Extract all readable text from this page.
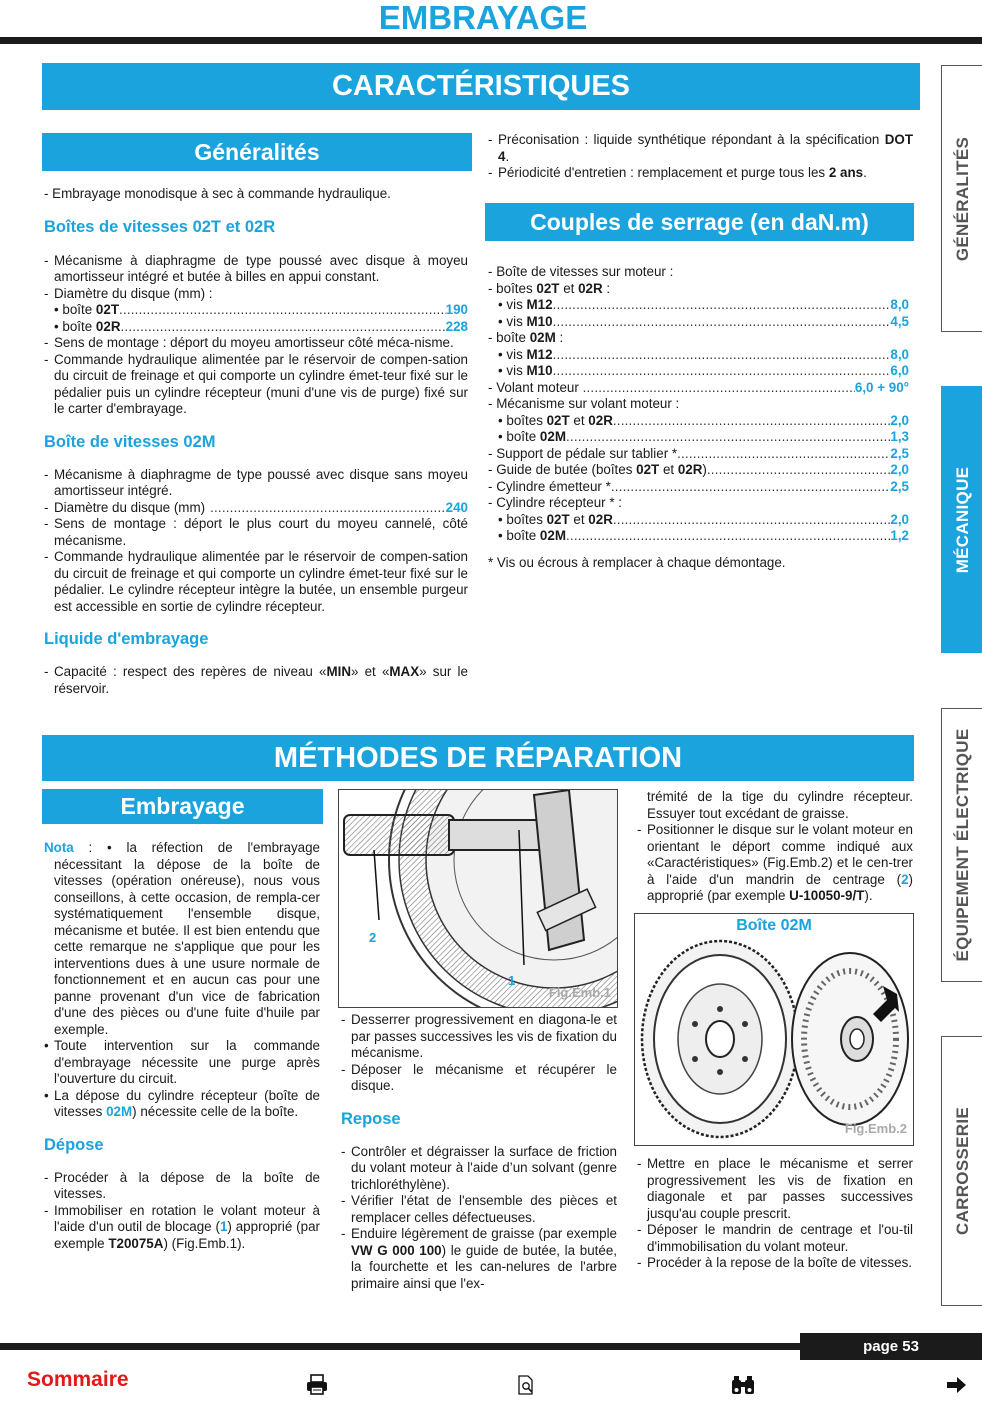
EMBRAYAGE
CARACTÉRISTIQUES
Généralités
- Embrayage monodisque à sec à commande hydraulique.
Boîtes de vitesses 02T et 02R
- Mécanisme à diaphragme de type poussé avec disque à moyeu amortisseur intégré et butée à billes en appui constant.
- Diamètre du disque (mm) :
• boîte 02T .....	190
• boîte 02R .....	228
- Sens de montage : déport du moyeu amortisseur côté méca-nisme.
- Commande hydraulique alimentée par le réservoir de compen-sation du circuit de freinage et qui comporte un cylindre émet-teur fixé sur le pédalier puis un cylindre récepteur (muni d'une vis de purge) fixé sur le carter d'embrayage.
Boîte de vitesses 02M
- Mécanisme à diaphragme de type poussé avec disque sans moyeu amortisseur intégré.
- Diamètre du disque (mm) .....	240
- Sens de montage : déport le plus court du moyeu cannelé, côté mécanisme.
- Commande hydraulique alimentée par le réservoir de compen-sation du circuit de freinage et qui comporte un cylindre émet-teur fixé sur le pédalier. Le cylindre récepteur intègre la butée, un ensemble purgeur est accessible en sortie de cylindre récepteur.
Liquide d'embrayage
- Capacité : respect des repères de niveau «MIN» et «MAX» sur le réservoir.
- Préconisation : liquide synthétique répondant à la spécification DOT 4.
- Périodicité d'entretien : remplacement et purge tous les 2 ans.
Couples de serrage (en daN.m)
- Boîte de vitesses sur moteur :
- boîtes 02T et 02R :
• vis M12 .....	8,0
• vis M10 .....	4,5
- boîte 02M :
• vis M12 .....	8,0
• vis M10 .....	6,0
- Volant moteur .....	6,0 + 90°
- Mécanisme sur volant moteur :
• boîtes 02T et 02R .....	2,0
• boîte 02M .....	1,3
- Support de pédale sur tablier * .....	2,5
- Guide de butée (boîtes 02T et 02R) .....	2,0
- Cylindre émetteur * .....	2,5
- Cylindre récepteur * :
• boîtes 02T et 02R .....	2,0
• boîte 02M .....	1,2
* Vis ou écrous à remplacer à chaque démontage.
MÉTHODES DE RÉPARATION
Embrayage
Nota : • la réfection de l'embrayage nécessitant la dépose de la boîte de vitesses (opération onéreuse), nous vous conseillons, à cette occasion, de rempla-cer systématiquement l'ensemble disque, mécanisme et butée. Il est bien entendu que cette remarque ne s'applique que pour les interventions dues à une usure normale de fonctionnement et en aucun cas pour une panne provenant d'un vice de fabrication d'une des pièces ou d'une fuite d'huile par exemple.
• Toute intervention sur la commande d'embrayage nécessite une purge après l'ouverture du circuit.
• La dépose du cylindre récepteur (boîte de vitesses 02M) nécessite celle de la boîte.
Dépose
- Procéder à la dépose de la boîte de vitesses.
- Immobiliser en rotation le volant moteur à l'aide d'un outil de blocage (1) approprié (par exemple T20075A) (Fig.Emb.1).
2
1
Fig.Emb.1
- Desserrer progressivement en diagona-le et par passes successives les vis de fixation du mécanisme.
- Déposer le mécanisme et récupérer le disque.
Repose
- Contrôler et dégraisser la surface de friction du volant moteur à l'aide d’un solvant (genre trichloréthylène).
- Vérifier l'état de l'ensemble des pièces et remplacer celles défectueuses.
- Enduire légèrement de graisse (par exemple VW G 000 100) le guide de butée, la butée, la fourchette et les can-nelures de l'arbre primaire ainsi que l'ex-
trémité de la tige du cylindre récepteur. Essuyer tout excédant de graisse.
- Positionner le disque sur le volant moteur en orientant le déport comme indiqué aux «Caractéristiques» (Fig.Emb.2) et le cen-trer à l'aide d'un mandrin de centrage (2) approprié (par exemple U-10050-9/T).
Boîte 02M
Fig.Emb.2
- Mettre en place le mécanisme et serrer progressivement les vis de fixation en diagonale et par passes successives jusqu'au couple prescrit.
- Déposer le mandrin de centrage et l'ou-til d'immobilisation du volant moteur.
- Procéder à la repose de la boîte de vitesses.
GÉNÉRALITÉS
MÉCANIQUE
ÉQUIPEMENT ÉLECTRIQUE
CARROSSERIE
page 53
Sommaire
